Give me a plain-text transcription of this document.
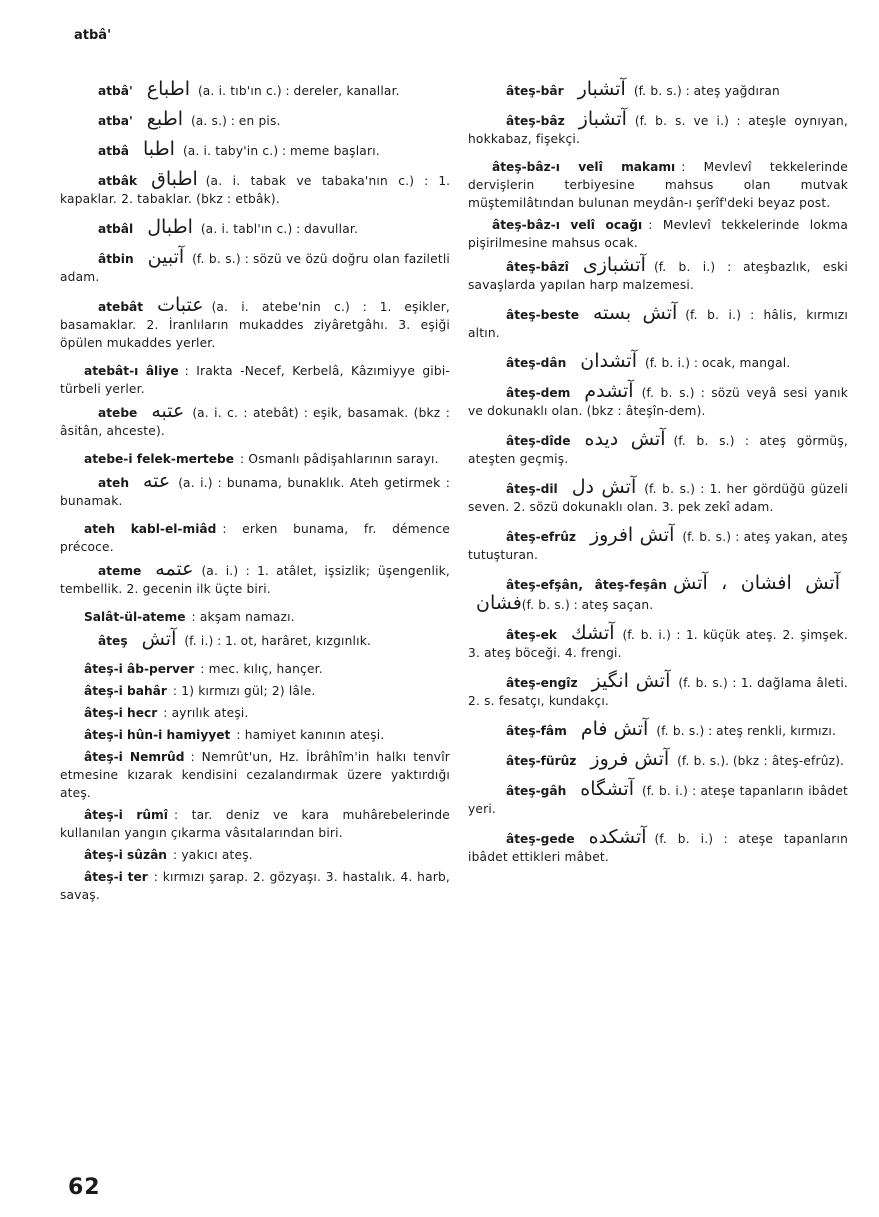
atbâ'
atbâ' اطباع (a. i. tıb'ın c.) : dereler, kanallar.
atba' اطبع (a. s.) : en pis.
atbâ اطبا (a. i. taby'in c.) : meme başları.
atbâk اطباق (a. i. tabak ve tabaka'nın c.) : 1. kapaklar. 2. tabaklar. (bkz : etbâk).
atbâl اطبال (a. i. tabl'ın c.) : davullar.
âtbin آتبين (f. b. s.) : sözü ve özü doğru olan faziletli adam.
atebât عتبات (a. i. atebe'nin c.) : 1. eşikler, basamaklar. 2. İranlıların mukaddes ziyâretgâhı. 3. eşiği öpülen mukaddes yerler.
atebât-ı âliye : Irakta -Necef, Kerbelâ, Kâzımiyye gibi-türbeli yerler.
atebe عتبه (a. i. c. : atebât) : eşik, basamak. (bkz : âsitân, ahceste).
atebe-i felek-mertebe : Osmanlı pâdişahlarının sarayı.
ateh عته (a. i.) : bunama, bunaklık. Ateh getirmek : bunamak.
ateh kabl-el-miâd : erken bunama, fr. démence précoce.
ateme عتمه (a. i.) : 1. atâlet, işsizlik; üşengenlik, tembellik. 2. gecenin ilk üçte biri.
Salât-ül-ateme : akşam namazı.
âteş آتش (f. i.) : 1. ot, harâret, kızgınlık.
âteş-i âb-perver : mec. kılıç, hançer.
âteş-i bahâr : 1) kırmızı gül; 2) lâle.
âteş-i hecr : ayrılık ateşi.
âteş-i hûn-i hamiyyet : hamiyet kanının ateşi.
âteş-i Nemrûd : Nemrût'un, Hz. İbrâhîm'in halkı tenvîr etmesine kızarak kendisini cezalandırmak üzere yaktırdığı ateş.
âteş-i rûmî : tar. deniz ve kara muhârebelerinde kullanılan yangın çıkarma vâsıtalarından biri.
âteş-i sûzân : yakıcı ateş.
âteş-i ter : kırmızı şarap. 2. gözyaşı. 3. hastalık. 4. harb, savaş.
âteş-bâr آتشبار (f. b. s.) : ateş yağdıran
âteş-bâz آتشباز (f. b. s. ve i.) : ateşle oynıyan, hokkabaz, fişekçi.
âteş-bâz-ı velî makamı : Mevlevî tekkelerinde dervişlerin terbiyesine mahsus olan mutvak müştemilâtından bulunan meydân-ı şerîf'deki beyaz post.
âteş-bâz-ı velî ocağı : Mevlevî tekkelerinde lokma pişirilmesine mahsus ocak.
âteş-bâzî آتشبازى (f. b. i.) : ateşbazlık, eski savaşlarda yapılan harp malzemesi.
âteş-beste آتش بسته (f. b. i.) : hâlis, kırmızı altın.
âteş-dân آتشدان (f. b. i.) : ocak, mangal.
âteş-dem آتشدم (f. b. s.) : sözü veyâ sesi yanık ve dokunaklı olan. (bkz : âteşîn-dem).
âteş-dîde آتش ديده (f. b. s.) : ateş görmüş, ateşten geçmiş.
âteş-dil آتش دل (f. b. s.) : 1. her gördüğü güzeli seven. 2. sözü dokunaklı olan. 3. pek zekî adam.
âteş-efrûz آتش افروز (f. b. s.) : ateş yakan, ateş tutuşturan.
âteş-efşân, âteş-feşân آتش افشان ، آتش فشان(f. b. s.) : ateş saçan.
âteş-ek آتشك (f. b. i.) : 1. küçük ateş. 2. şimşek. 3. ateş böceği. 4. frengi.
âteş-engîz آتش انگيز (f. b. s.) : 1. dağlama âleti. 2. s. fesatçı, kundakçı.
âteş-fâm آتش فام (f. b. s.) : ateş renkli, kırmızı.
âteş-fürûz آتش فروز (f. b. s.). (bkz : âteş-efrûz).
âteş-gâh آتشگاه (f. b. i.) : ateşe tapanların ibâdet yeri.
âteş-gede آتشكده (f. b. i.) : ateşe tapanların ibâdet ettikleri mâbet.
62
